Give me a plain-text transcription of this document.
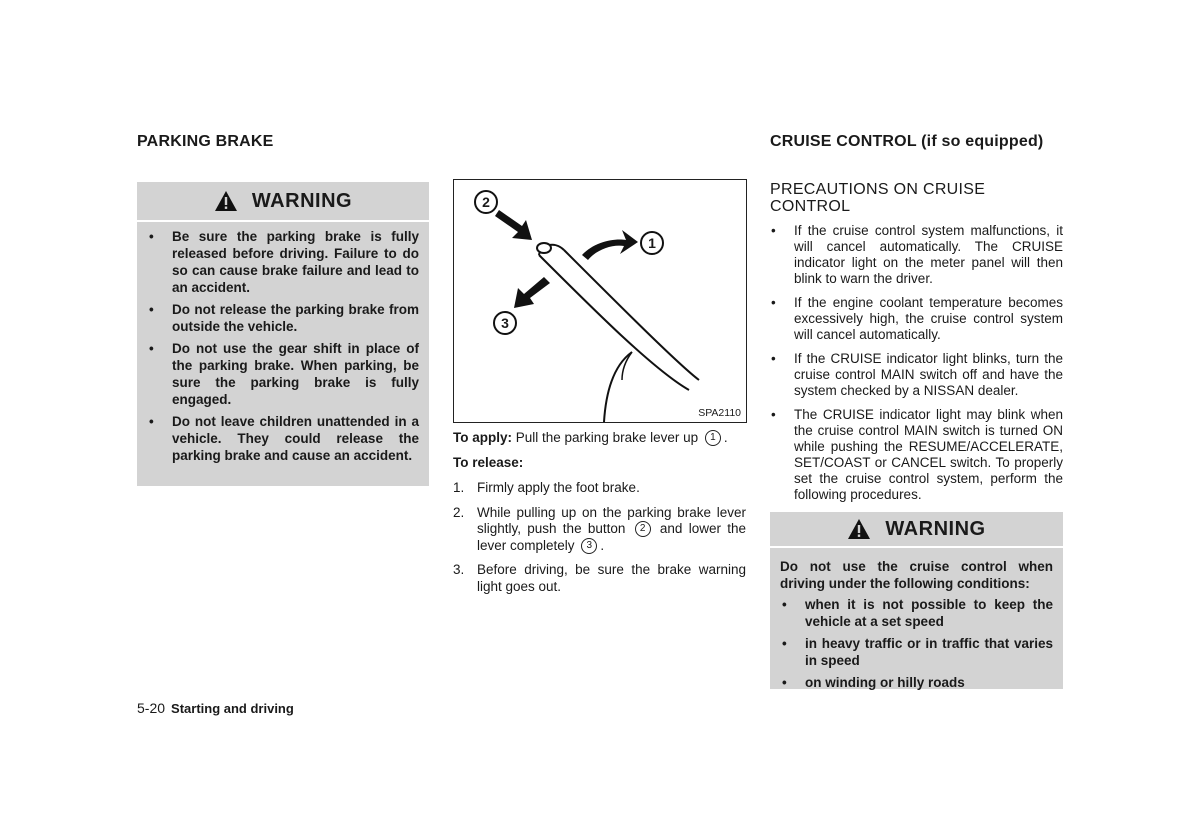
PARKING BRAKE
WARNING
• Be sure the parking brake is fully released before driving. Failure to do so can cause brake failure and lead to an accident.
• Do not release the parking brake from outside the vehicle.
• Do not use the gear shift in place of the parking brake. When parking, be sure the parking brake is fully engaged.
• Do not leave children unattended in a vehicle. They could release the parking brake and cause an accident.
5-20 Starting and driving
2
1
3
SPA2110

To apply: Pull the parking brake lever up 1 .

To release:

1. Firmly apply the foot brake.
2. While pulling up on the parking brake lever slightly, push the button 2 and lower the lever completely 3 .
3. Before driving, be sure the brake warning light goes out.
CRUISE CONTROL (if so equipped)
PRECAUTIONS ON CRUISE CONTROL
• If the cruise control system malfunctions, it will cancel automatically. The CRUISE indicator light on the meter panel will then blink to warn the driver.
• If the engine coolant temperature becomes excessively high, the cruise control system will cancel automatically.
• If the CRUISE indicator light blinks, turn the cruise control MAIN switch off and have the system checked by a NISSAN dealer.
• The CRUISE indicator light may blink when the cruise control MAIN switch is turned ON while pushing the RESUME/ACCELERATE, SET/COAST or CANCEL switch. To properly set the cruise control system, perform the following procedures.
WARNING

Do not use the cruise control when driving under the following conditions:

• when it is not possible to keep the vehicle at a set speed
• in heavy traffic or in traffic that varies in speed
• on winding or hilly roads
